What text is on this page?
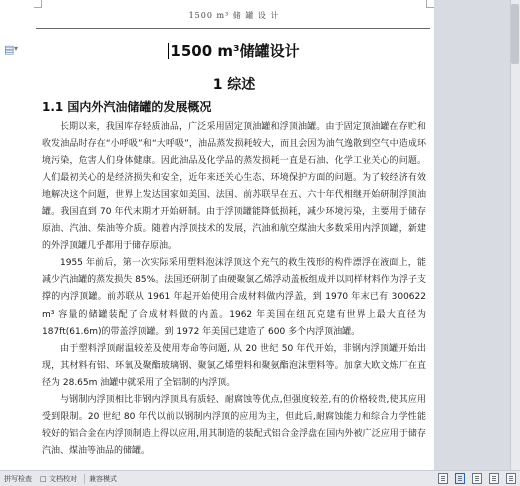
▤ ▾
1500 m³ 储 罐 设 计
1500 m³储罐设计
1 综述
1.1 国内外汽油储罐的发展概况

长期以来，我国库存轻质油品，广泛采用固定顶油罐和浮顶油罐。由于固定顶油罐在存贮和收发油品时存在“小呼吸”和“大呼吸”，油品蒸发损耗较大，而且会因为油气逸散到空气中造成环境污染，危害人们身体健康。因此油品及化学品的蒸发损耗一直是石油、化学工业关心的问题。人们最初关心的是经济损失和安全，近年来还关心生态、环境保护方面的问题。为了较经济有效地解决这个问题，世界上发达国家如美国、法国、前苏联早在五、六十年代相继开始研制浮顶油罐。我国直到 70 年代末期才开始研制。由于浮顶罐能降低损耗，减少环境污染，主要用于储存原油、汽油、柴油等介质。随着内浮顶技术的发展，汽油和航空煤油大多数采用内浮顶罐，新建的外浮顶罐几乎都用于储存原油。

1955 年前后，第一次实际采用塑料泡沫浮顶这个充气的救生筏形的构件漂浮在液面上，能减少汽油罐的蒸发损失 85%。法国还研制了由硬聚氯乙烯浮动盖板组成并以同样材料作为浮子支撑的内浮顶罐。前苏联从 1961 年起开始使用合成材料做内浮盖，到 1970 年末已有 300622 m³ 容量的储罐装配了合成材料做的内盖。1962 年美国在纽瓦克建有世界上最大直径为 187ft(61.6m)的带盖浮顶罐。到 1972 年美国已建造了 600 多个内浮顶油罐。

由于塑料浮顶耐温较差及使用寿命等问题, 从 20 世纪 50 年代开始，非钢内浮顶罐开始出现，其材料有铝、环氧及聚酯玻璃钢、聚氯乙烯塑料和聚氨酯泡沫塑料等。加拿大欧文炼厂在直径为 28.65m 油罐中就采用了全铝制的内浮顶。

与钢制内浮顶相比非钢内浮顶具有质轻、耐腐蚀等优点,但强度较差,有的价格较贵,使其应用受到限制。20 世纪 80 年代以前以钢制内浮顶的应用为主，但此后,耐腐蚀能力和综合力学性能较好的铝合金在内浮顶制造上得以应用,用其制造的装配式铝合金浮盘在国内外被广泛应用于储存汽油、煤油等油品的储罐。

拼写检查 □ 文档校对 兼容模式
